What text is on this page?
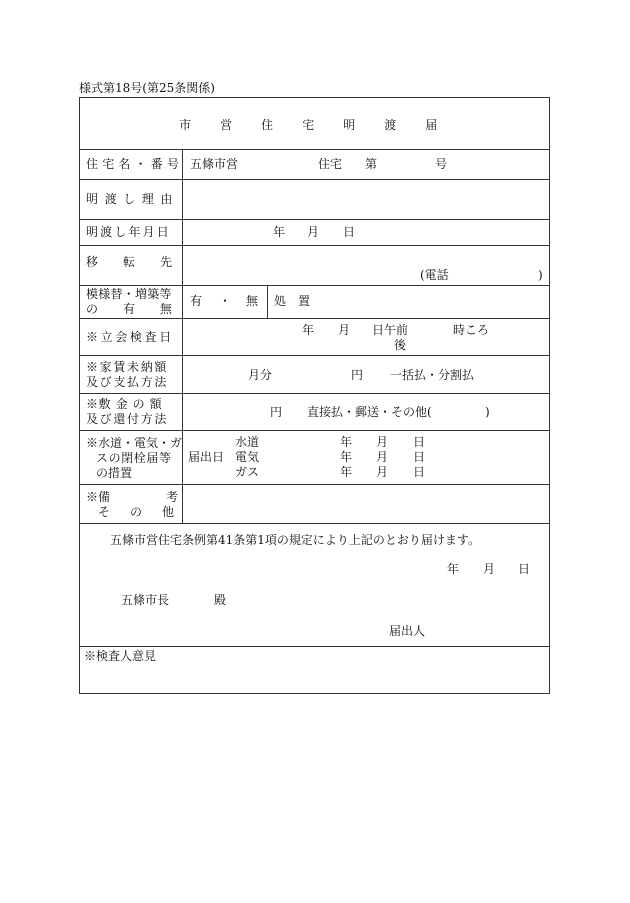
様式第18号(第25条関係)
市 営 住 宅 明 渡 届
住宅名・番号 五條市営	住宅 第	号
明渡し理由
明渡し年月日	年 月 日
移 転 先
(電話	)
模様替・増築等
の 有 無
有 ・ 無 処　置
※立会検査日	年 月 日午前
後
時ころ
※家賃未納額
及び支払方法	月分	円 一括払・分割払
※敷 金 の 額
及び還付方法	円 直接払・郵送・その他(	)
※水道・電気・ガ
スの閉栓届等
の措置
届出日
水道	年 月 日
電気	年 月 日
ガス	年 月 日
※備	考
そ の 他
五條市営住宅条例第41条第1項の規定により上記のとおり届けます。
年 月 日
五條市長	殿
届出人
※検査人意見
